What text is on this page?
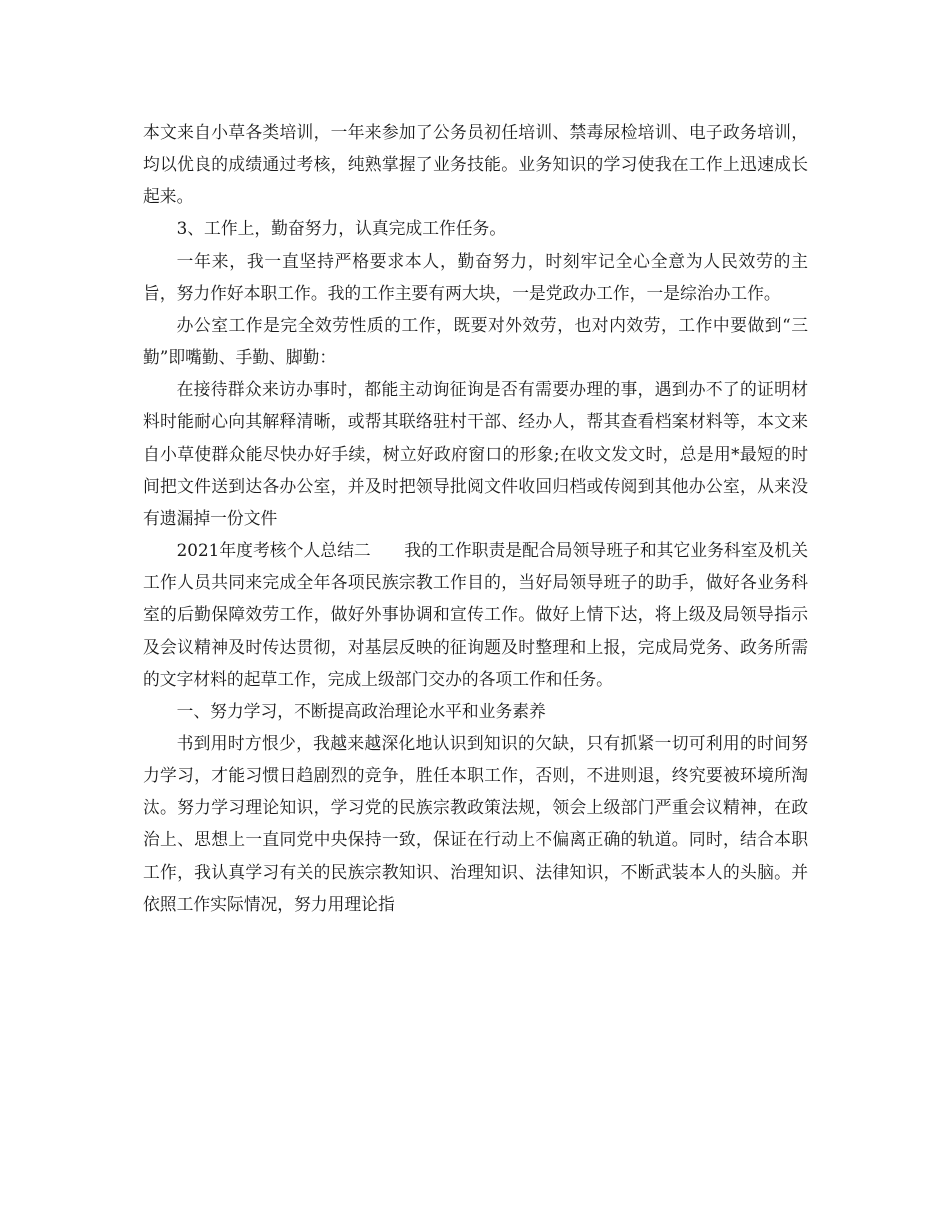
本文来自小草各类培训，一年来参加了公务员初任培训、禁毒尿检培训、电子政务培训，均以优良的成绩通过考核，纯熟掌握了业务技能。业务知识的学习使我在工作上迅速成长起来。

3、工作上，勤奋努力，认真完成工作任务。

一年来，我一直坚持严格要求本人，勤奋努力，时刻牢记全心全意为人民效劳的主旨，努力作好本职工作。我的工作主要有两大块，一是党政办工作，一是综治办工作。

办公室工作是完全效劳性质的工作，既要对外效劳，也对内效劳，工作中要做到“三勤”即嘴勤、手勤、脚勤：

在接待群众来访办事时，都能主动询征询是否有需要办理的事，遇到办不了的证明材料时能耐心向其解释清晰，或帮其联络驻村干部、经办人，帮其查看档案材料等，本文来自小草使群众能尽快办好手续，树立好政府窗口的形象;在收文发文时，总是用*最短的时间把文件送到达各办公室，并及时把领导批阅文件收回归档或传阅到其他办公室，从来没有遗漏掉一份文件

2021年度考核个人总结二　　我的工作职责是配合局领导班子和其它业务科室及机关工作人员共同来完成全年各项民族宗教工作目的，当好局领导班子的助手，做好各业务科室的后勤保障效劳工作，做好外事协调和宣传工作。做好上情下达，将上级及局领导指示及会议精神及时传达贯彻，对基层反映的征询题及时整理和上报，完成局党务、政务所需的文字材料的起草工作，完成上级部门交办的各项工作和任务。

一、努力学习，不断提高政治理论水平和业务素养

书到用时方恨少，我越来越深化地认识到知识的欠缺，只有抓紧一切可利用的时间努力学习，才能习惯日趋剧烈的竞争，胜任本职工作，否则，不进则退，终究要被环境所淘汰。努力学习理论知识，学习党的民族宗教政策法规，领会上级部门严重会议精神，在政治上、思想上一直同党中央保持一致，保证在行动上不偏离正确的轨道。同时，结合本职工作，我认真学习有关的民族宗教知识、治理知识、法律知识，不断武装本人的头脑。并依照工作实际情况，努力用理论指
